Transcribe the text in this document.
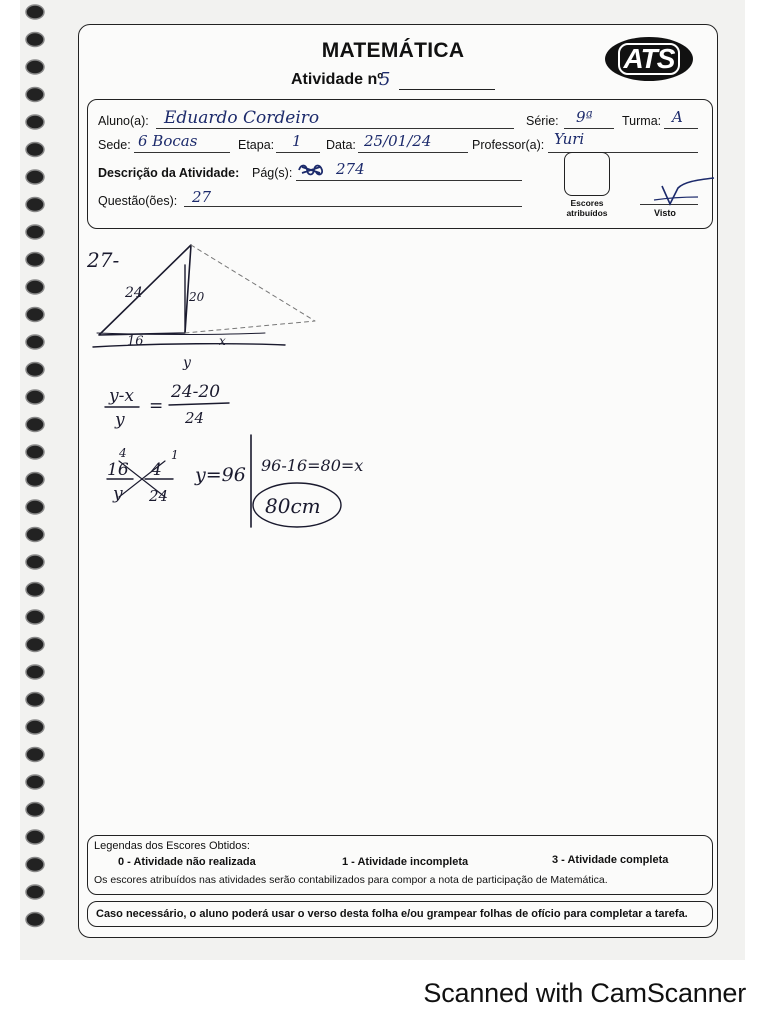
MATEMÁTICA
Atividade nº
5
ATS
Aluno(a): Eduardo Cordeiro	Série: 9ª Turma: A
Sede: 6 Bocas	Etapa: 1 Data: 25/01/24	Professor(a): Yuri
Descrição da Atividade: Pág(s):	274
Questão(ões): 27	Escores
atribuídos	Visto
27-
24	20
16	x
y
y-x
y
=
24-20
24
4	1
16
y
4
24
y=96 96-16=80=x
80cm
Legendas dos Escores Obtidos:
0 - Atividade não realizada	1 - Atividade incompleta	3 - Atividade completa
Os escores atribuídos nas atividades serão contabilizados para compor a nota de participação de Matemática.
Caso necessário, o aluno poderá usar o verso desta folha e/ou grampear folhas de ofício para completar a tarefa.
Scanned with CamScanner
